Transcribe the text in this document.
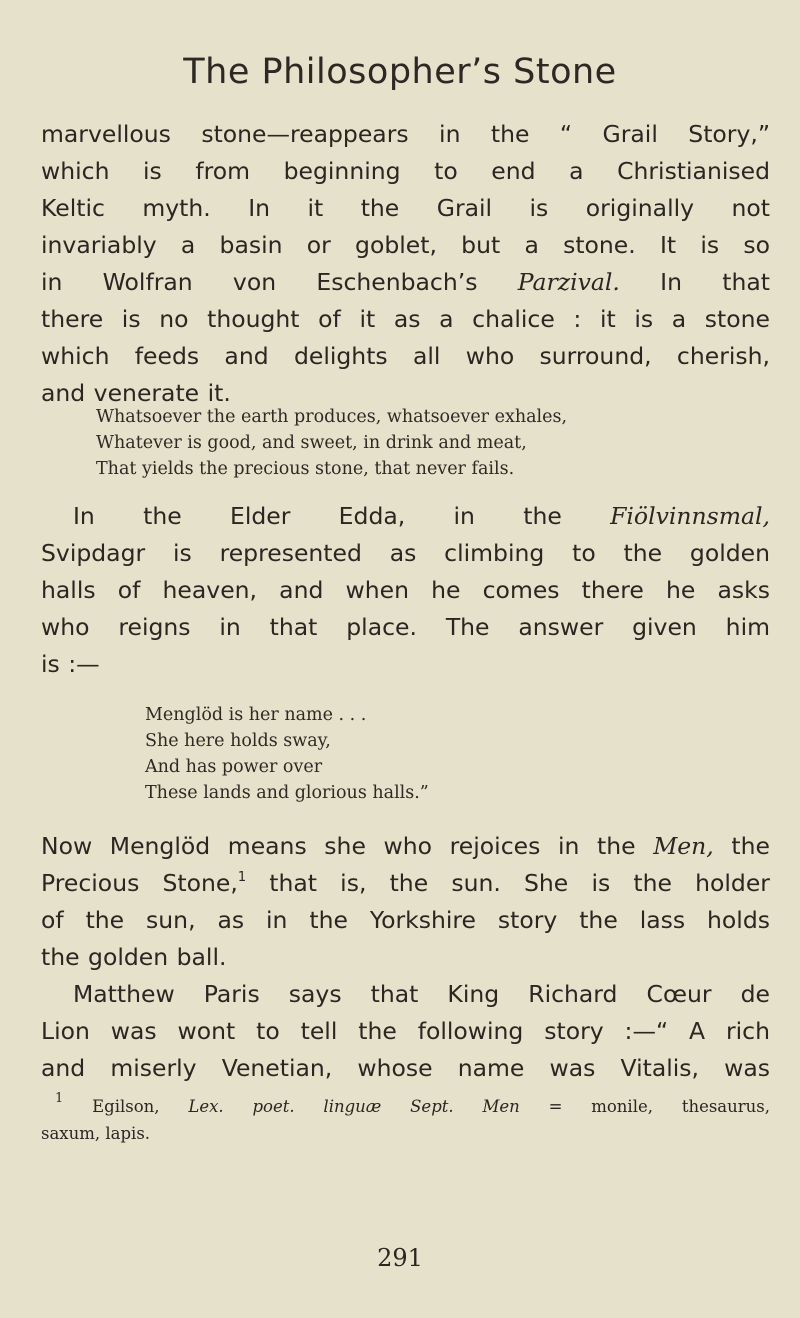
The Philosopher’s Stone
marvellous stone—reappears in the “ Grail Story,”
which is from beginning to end a Christianised
Keltic myth. In it the Grail is originally not
invariably a basin or goblet, but a stone. It is so
in Wolfran von Eschenbach’s Parzival. In that
there is no thought of it as a chalice : it is a stone
which feeds and delights all who surround, cherish,
and venerate it.
Whatsoever the earth produces, whatsoever exhales,
Whatever is good, and sweet, in drink and meat,
That yields the precious stone, that never fails.
In the Elder Edda, in the Fiölvinnsmal,
Svipdagr is represented as climbing to the golden
halls of heaven, and when he comes there he asks
who reigns in that place. The answer given him
is :—
Menglöd is her name . . .
She here holds sway,
And has power over
These lands and glorious halls.”
Now Menglöd means she who rejoices in the Men, the
Precious Stone,$^1$ that is, the sun. She is the holder
of the sun, as in the Yorkshire story the lass holds
the golden ball.
Matthew Paris says that King Richard Cœur de
Lion was wont to tell the following story :—“ A rich
and miserly Venetian, whose name was Vitalis, was
$^1$ Egilson, Lex. poet. linguæ Sept. Men = monile, thesaurus,
saxum, lapis.
291
